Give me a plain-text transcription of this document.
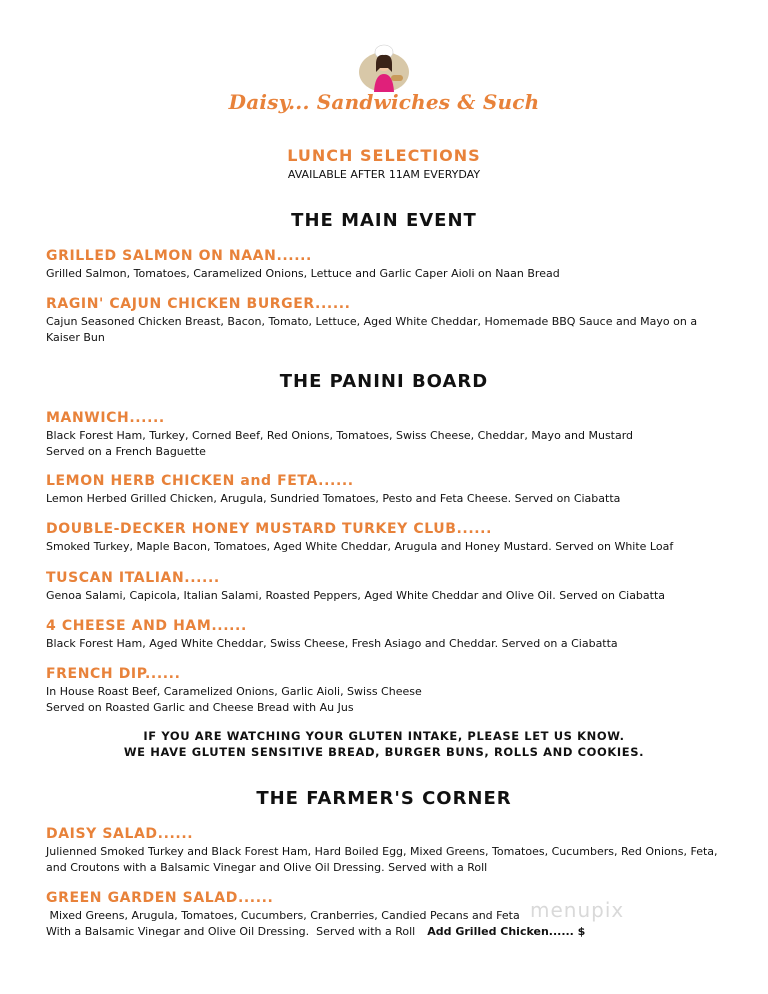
Daisy... Sandwiches & Such
LUNCH SELECTIONS
AVAILABLE AFTER 11AM EVERYDAY
THE MAIN EVENT
GRILLED SALMON ON NAAN......
Grilled Salmon, Tomatoes, Caramelized Onions, Lettuce and Garlic Caper Aioli on Naan Bread
RAGIN' CAJUN CHICKEN BURGER......
Cajun Seasoned Chicken Breast, Bacon, Tomato, Lettuce, Aged White Cheddar, Homemade BBQ Sauce and Mayo on a Kaiser Bun
THE PANINI BOARD
MANWICH......
Black Forest Ham, Turkey, Corned Beef, Red Onions, Tomatoes, Swiss Cheese, Cheddar, Mayo and Mustard
Served on a French Baguette
LEMON HERB CHICKEN and FETA......
Lemon Herbed Grilled Chicken, Arugula, Sundried Tomatoes, Pesto and Feta Cheese. Served on Ciabatta
DOUBLE-DECKER HONEY MUSTARD TURKEY CLUB......
Smoked Turkey, Maple Bacon, Tomatoes, Aged White Cheddar, Arugula and Honey Mustard. Served on White Loaf
TUSCAN ITALIAN......
Genoa Salami, Capicola, Italian Salami, Roasted Peppers, Aged White Cheddar and Olive Oil. Served on Ciabatta
4 CHEESE AND HAM......
Black Forest Ham, Aged White Cheddar, Swiss Cheese, Fresh Asiago and Cheddar. Served on a Ciabatta
FRENCH DIP......
In House Roast Beef, Caramelized Onions, Garlic Aioli, Swiss Cheese
Served on Roasted Garlic and Cheese Bread with Au Jus
IF YOU ARE WATCHING YOUR GLUTEN INTAKE, PLEASE LET US KNOW.
WE HAVE GLUTEN SENSITIVE BREAD, BURGER BUNS, ROLLS AND COOKIES.
THE FARMER'S CORNER
DAISY SALAD......
Julienned Smoked Turkey and Black Forest Ham, Hard Boiled Egg, Mixed Greens, Tomatoes, Cucumbers, Red Onions, Feta, and Croutons with a Balsamic Vinegar and Olive Oil Dressing. Served with a Roll
GREEN GARDEN SALAD......
Mixed Greens, Arugula, Tomatoes, Cucumbers, Cranberries, Candied Pecans and Feta
With a Balsamic Vinegar and Olive Oil Dressing.  Served with a Roll Add Grilled Chicken...... $
menupix
